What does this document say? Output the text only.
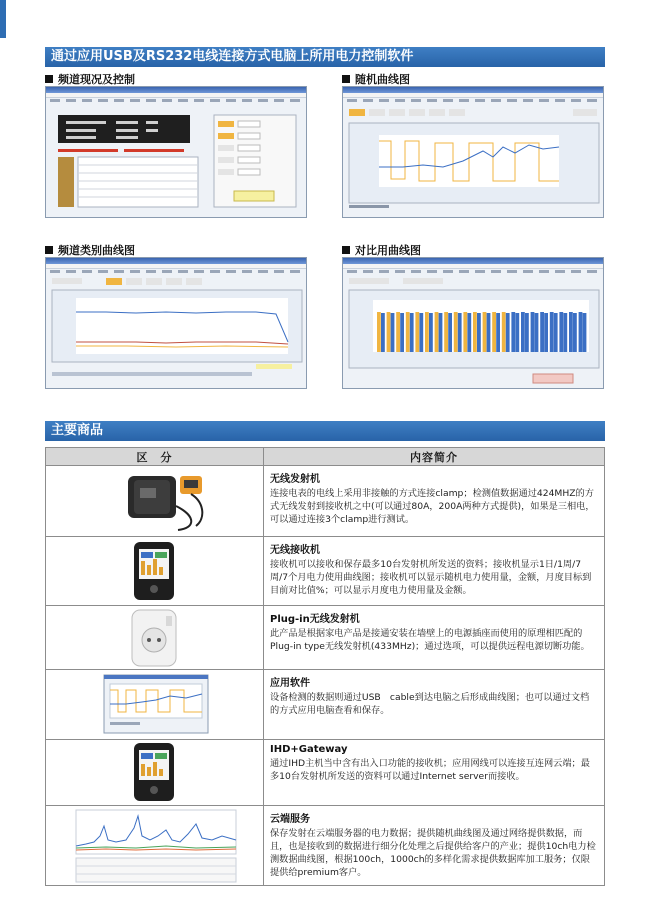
通过应用USB及RS232电线连接方式电脑上所用电力控制软件
频道现况及控制	随机曲线图
频道类别曲线图	对比用曲线图
主要商品
区　分	内容简介

无线发射机
连接电表的电线上采用非接触的方式连接clamp；检测值数据通过424MHZ的方式无线发射到接收机之中(可以通过80A，200A两种方式提供)，如果是三相电，可以通过连接3个clamp进行测试。

无线接收机
接收机可以接收和保存最多10台发射机所发送的资料；接收机显示1日/1周/7周/7个月电力使用曲线图；接收机可以显示随机电力使用量，金额，月度目标到目前对比值%；可以显示月度电力使用量及金额。

Plug-in无线发射机
此产品是根据家电产品是接通安装在墙壁上的电源插座而使用的原理相匹配的Plug-in type无线发射机(433MHz)；通过选项，可以提供远程电源切断功能。

应用软件
设备检测的数据则通过USB　cable到达电脑之后形成曲线图；也可以通过文档的方式应用电脑查看和保存。

IHD+Gateway
通过IHD主机当中含有出入口功能的接收机；应用网线可以连接互连网云端；最多10台发射机所发送的资料可以通过Internet server而接收。

云端服务
保存发射在云端服务器的电力数据；提供随机曲线图及通过网络提供数据，而且，也是接收到的数据进行细分化处理之后提供给客户的产业；提供10ch电力检测数据曲线图，根据100ch，1000ch的多样化需求提供数据库加工服务；仅限提供给premium客户。
